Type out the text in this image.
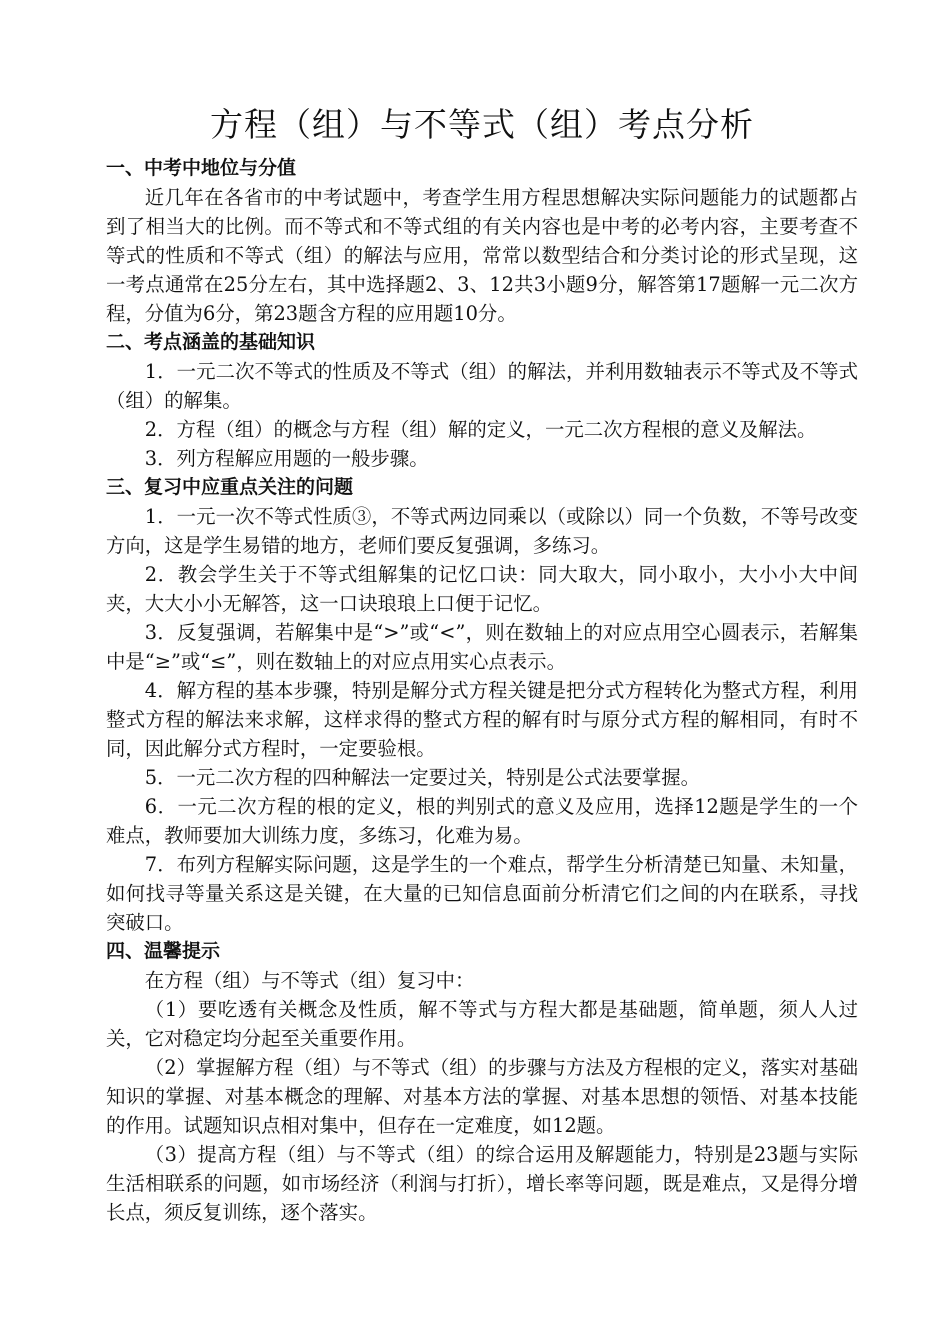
方程（组）与不等式（组）考点分析
一、中考中地位与分值

近几年在各省市的中考试题中，考查学生用方程思想解决实际问题能力的试题都占到了相当大的比例。而不等式和不等式组的有关内容也是中考的必考内容，主要考查不等式的性质和不等式（组）的解法与应用，常常以数型结合和分类讨论的形式呈现，这一考点通常在25分左右，其中选择题2、3、12共3小题9分，解答第17题解一元二次方程，分值为6分，第23题含方程的应用题10分。

二、考点涵盖的基础知识

1．一元二次不等式的性质及不等式（组）的解法，并利用数轴表示不等式及不等式（组）的解集。

2．方程（组）的概念与方程（组）解的定义，一元二次方程根的意义及解法。

3．列方程解应用题的一般步骤。

三、复习中应重点关注的问题

1．一元一次不等式性质③，不等式两边同乘以（或除以）同一个负数，不等号改变方向，这是学生易错的地方，老师们要反复强调，多练习。

2．教会学生关于不等式组解集的记忆口诀：同大取大，同小取小，大小小大中间夹，大大小小无解答，这一口诀琅琅上口便于记忆。

3．反复强调，若解集中是“>”或“<”，则在数轴上的对应点用空心圆表示，若解集中是“≥”或“≤”，则在数轴上的对应点用实心点表示。

4．解方程的基本步骤，特别是解分式方程关键是把分式方程转化为整式方程，利用整式方程的解法来求解，这样求得的整式方程的解有时与原分式方程的解相同，有时不同，因此解分式方程时，一定要验根。

5．一元二次方程的四种解法一定要过关，特别是公式法要掌握。

6．一元二次方程的根的定义，根的判别式的意义及应用，选择12题是学生的一个难点，教师要加大训练力度，多练习，化难为易。

7．布列方程解实际问题，这是学生的一个难点，帮学生分析清楚已知量、未知量，如何找寻等量关系这是关键，在大量的已知信息面前分析清它们之间的内在联系，寻找突破口。

四、温馨提示

在方程（组）与不等式（组）复习中：

（1）要吃透有关概念及性质，解不等式与方程大都是基础题，简单题，须人人过关，它对稳定均分起至关重要作用。

（2）掌握解方程（组）与不等式（组）的步骤与方法及方程根的定义，落实对基础知识的掌握、对基本概念的理解、对基本方法的掌握、对基本思想的领悟、对基本技能的作用。试题知识点相对集中，但存在一定难度，如12题。

（3）提高方程（组）与不等式（组）的综合运用及解题能力，特别是23题与实际生活相联系的问题，如市场经济（利润与打折），增长率等问题，既是难点，又是得分增长点，须反复训练，逐个落实。
